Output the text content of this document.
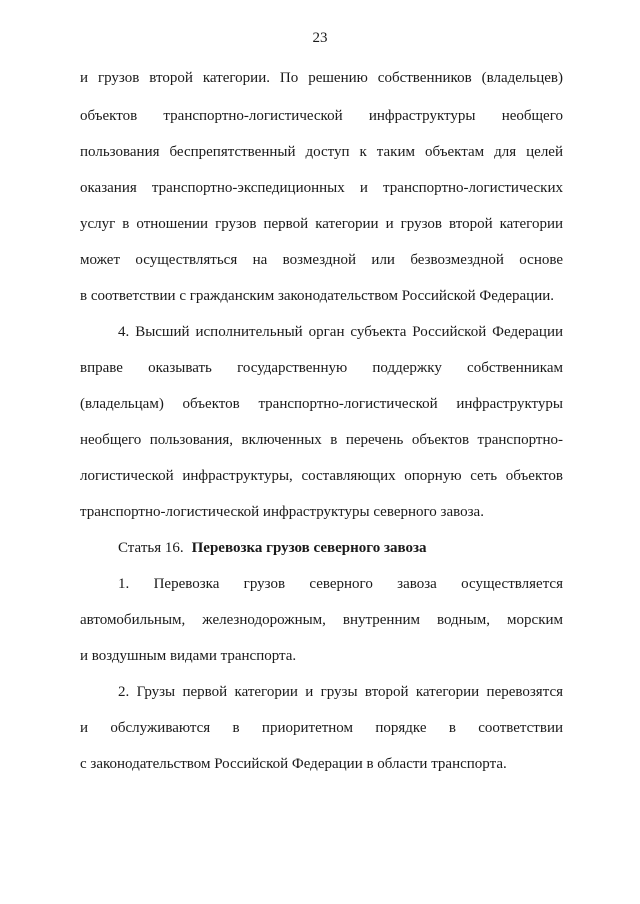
23
и грузов второй категории. По решению собственников (владельцев)
объектов транспортно-логистической инфраструктуры необщего
пользования беспрепятственный доступ к таким объектам для целей
оказания транспортно-экспедиционных и транспортно-логистических
услуг в отношении грузов первой категории и грузов второй категории
может осуществляться на возмездной или безвозмездной основе
в соответствии с гражданским законодательством Российской Федерации.
4. Высший исполнительный орган субъекта Российской Федерации
вправе оказывать государственную поддержку собственникам
(владельцам) объектов транспортно-логистической инфраструктуры
необщего пользования, включенных в перечень объектов транспортно-
логистической инфраструктуры, составляющих опорную сеть объектов
транспортно-логистической инфраструктуры северного завоза.
Статья 16. Перевозка грузов северного завоза
1. Перевозка грузов северного завоза осуществляется
автомобильным, железнодорожным, внутренним водным, морским
и воздушным видами транспорта.
2. Грузы первой категории и грузы второй категории перевозятся
и обслуживаются в приоритетном порядке в соответствии
с законодательством Российской Федерации в области транспорта.
